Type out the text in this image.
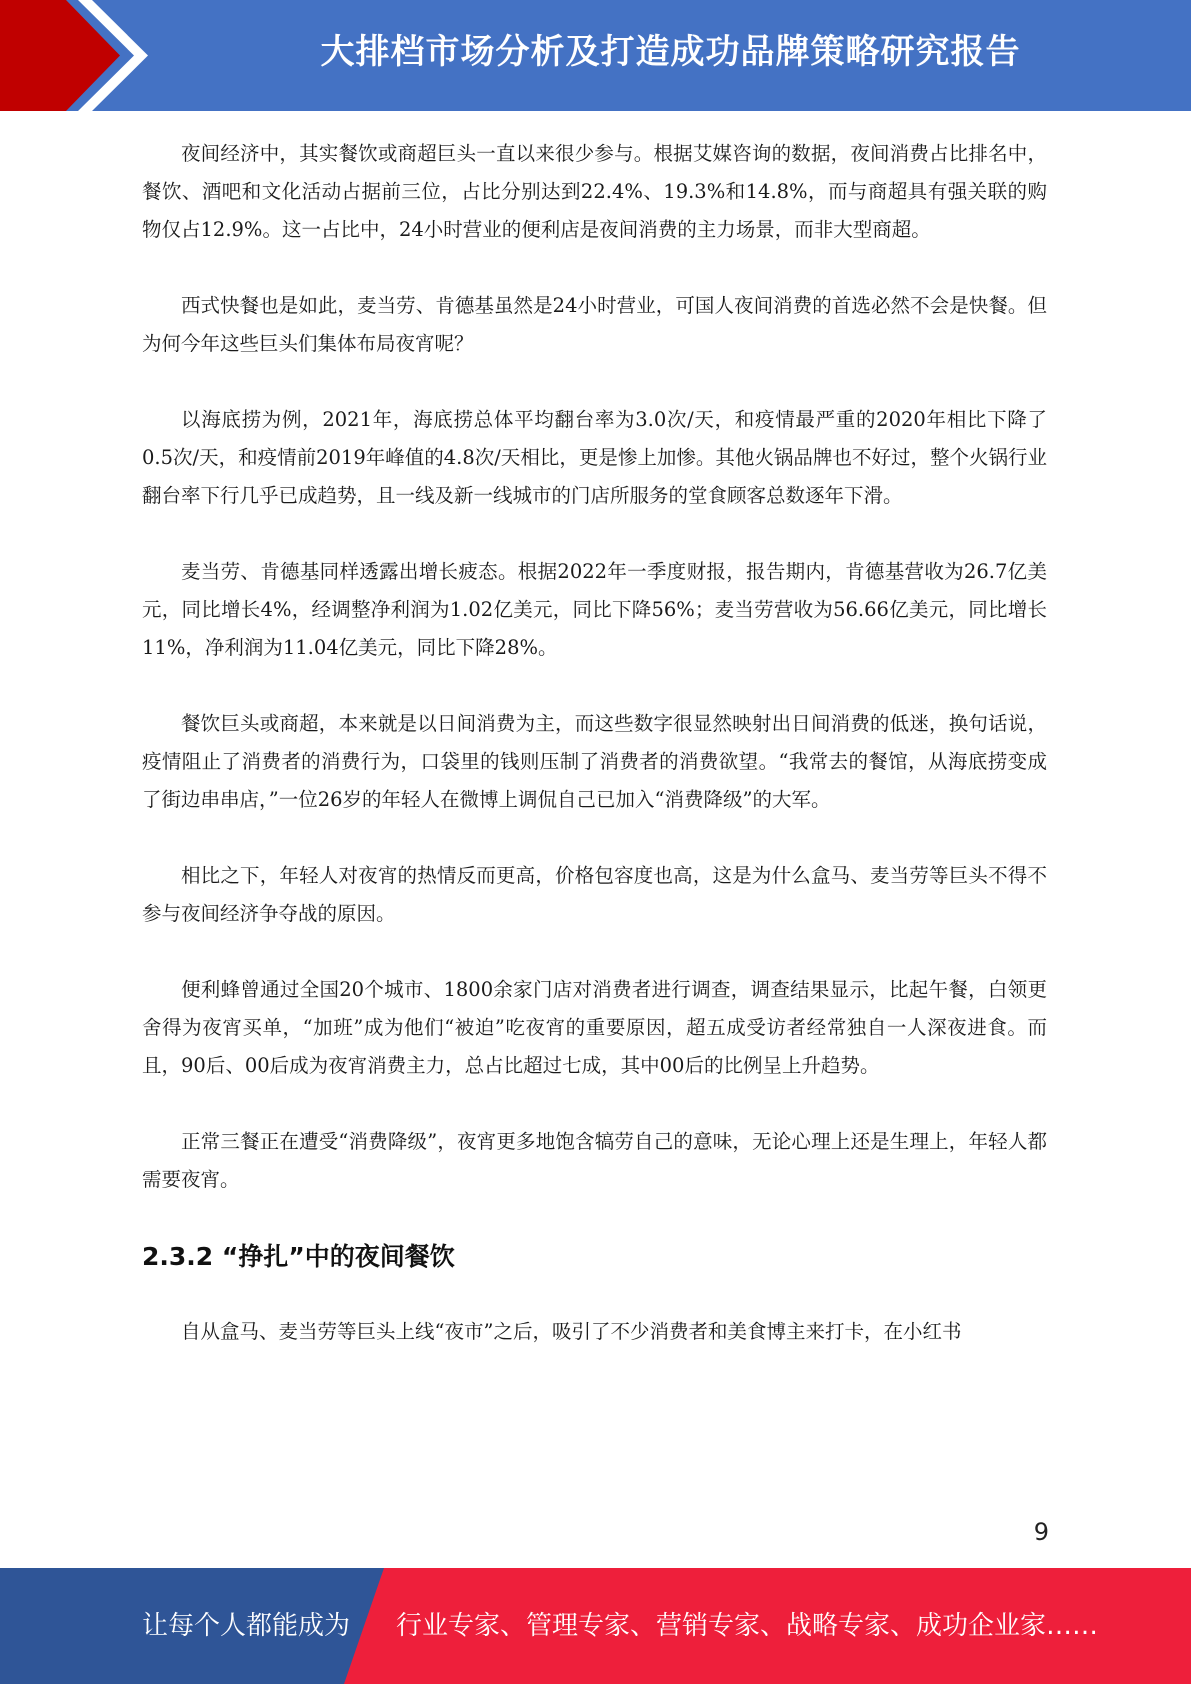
大排档市场分析及打造成功品牌策略研究报告

夜间经济中，其实餐饮或商超巨头一直以来很少参与。根据艾媒咨询的数据，夜间消费占比排名中，餐饮、酒吧和文化活动占据前三位，占比分别达到22.4%、19.3%和14.8%，而与商超具有强关联的购物仅占12.9%。这一占比中，24小时营业的便利店是夜间消费的主力场景，而非大型商超。

西式快餐也是如此，麦当劳、肯德基虽然是24小时营业，可国人夜间消费的首选必然不会是快餐。但为何今年这些巨头们集体布局夜宵呢？

以海底捞为例，2021年，海底捞总体平均翻台率为3.0次/天，和疫情最严重的2020年相比下降了0.5次/天，和疫情前2019年峰值的4.8次/天相比，更是惨上加惨。其他火锅品牌也不好过，整个火锅行业翻台率下行几乎已成趋势，且一线及新一线城市的门店所服务的堂食顾客总数逐年下滑。

麦当劳、肯德基同样透露出增长疲态。根据2022年一季度财报，报告期内，肯德基营收为26.7亿美元，同比增长4%，经调整净利润为1.02亿美元，同比下降56%；麦当劳营收为56.66亿美元，同比增长11%，净利润为11.04亿美元，同比下降28%。

餐饮巨头或商超，本来就是以日间消费为主，而这些数字很显然映射出日间消费的低迷，换句话说，疫情阻止了消费者的消费行为，口袋里的钱则压制了消费者的消费欲望。“我常去的餐馆，从海底捞变成了街边串串店，”一位26岁的年轻人在微博上调侃自己已加入“消费降级”的大军。

相比之下，年轻人对夜宵的热情反而更高，价格包容度也高，这是为什么盒马、麦当劳等巨头不得不参与夜间经济争夺战的原因。

便利蜂曾通过全国20个城市、1800余家门店对消费者进行调查，调查结果显示，比起午餐，白领更舍得为夜宵买单，“加班”成为他们“被迫”吃夜宵的重要原因，超五成受访者经常独自一人深夜进食。而且，90后、00后成为夜宵消费主力，总占比超过七成，其中00后的比例呈上升趋势。

正常三餐正在遭受“消费降级”，夜宵更多地饱含犒劳自己的意味，无论心理上还是生理上，年轻人都需要夜宵。

2.3.2 “挣扎”中的夜间餐饮

自从盒马、麦当劳等巨头上线“夜市”之后，吸引了不少消费者和美食博主来打卡，在小红书

9
让每个人都能成为 行业专家、管理专家、营销专家、战略专家、成功企业家……
